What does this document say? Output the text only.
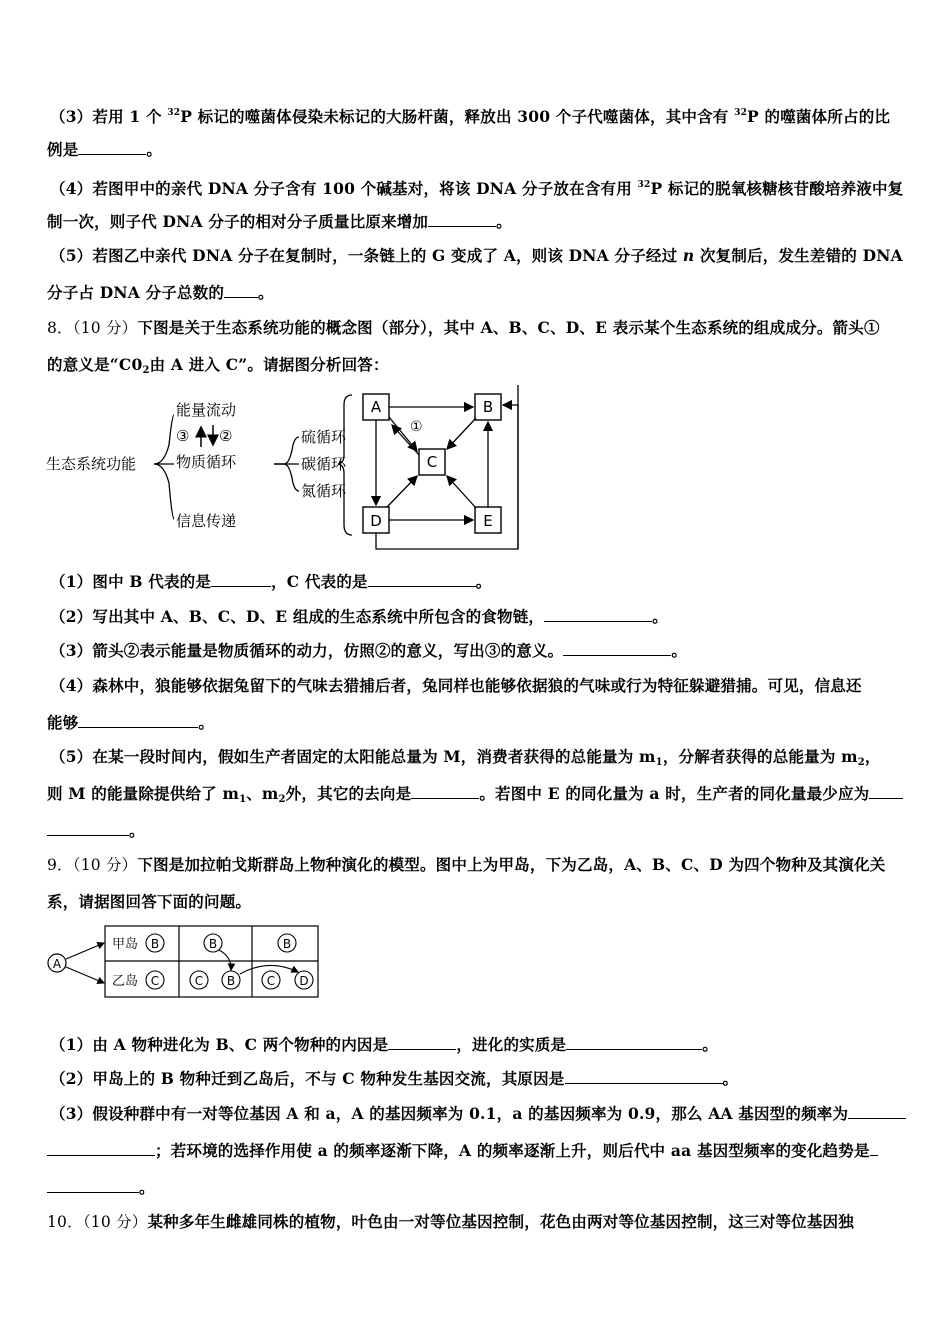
（3）若用 1 个 $^{32}$P 标记的噬菌体侵染未标记的大肠杆菌，释放出 300 个子代噬菌体，其中含有 $^{32}$P 的噬菌体所占的比
例是	。
（4）若图甲中的亲代 DNA 分子含有 100 个碱基对，将该 DNA 分子放在含有用 $^{32}$P 标记的脱氧核糖核苷酸培养液中复
制一次，则子代 DNA 分子的相对分子质量比原来增加	。
（5）若图乙中亲代 DNA 分子在复制时，一条链上的 G 变成了 A，则该 DNA 分子经过 n 次复制后，发生差错的 DNA
分子占 DNA 分子总数的 。
8．（10 分）下图是关于生态系统功能的概念图（部分），其中 A、B、C、D、E 表示某个生态系统的组成成分。箭头①
的意义是“$C0_2$由 A 进入 C”。请据图分析回答：
生态系统功能
能量流动
③ ②
物质循环
信息传递
硫循环
碳循环
氮循环
A	B
C
D	E
①
（1）图中 B 代表的是	，C 代表的是	。
（2）写出其中 A、B、C、D、E 组成的生态系统中所包含的食物链，	。
（3）箭头②表示能量是物质循环的动力，仿照②的意义，写出③的意义。	。
（4）森林中，狼能够依据兔留下的气味去猎捕后者，兔同样也能够依据狼的气味或行为特征躲避猎捕。可见，信息还
能够	。
（5）在某一段时间内，假如生产者固定的太阳能总量为 M，消费者获得的总能量为 $m_1$，分解者获得的总能量为 $m_2$，
则 M 的能量除提供给了 $m_1$、$m_2$外，其它的去向是	。若图中 E 的同化量为 a 时，生产者的同化量最少应为
。
9．（10 分）下图是加拉帕戈斯群岛上物种演化的模型。图中上为甲岛，下为乙岛，A、B、C、D 为四个物种及其演化关
系，请据图回答下面的问题。
A
甲岛 B
乙岛 C
B
C B
B
C D
（1）由 A 物种进化为 B、C 两个物种的内因是	，进化的实质是	。
（2）甲岛上的 B 物种迁到乙岛后，不与 C 物种发生基因交流，其原因是	。
（3）假设种群中有一对等位基因 A 和 a，A 的基因频率为 0.1，a 的基因频率为 0.9，那么 AA 基因型的频率为
；若环境的选择作用使 a 的频率逐渐下降，A 的频率逐渐上升，则后代中 aa 基因型频率的变化趋势是
。
10．（10 分）某种多年生雌雄同株的植物，叶色由一对等位基因控制，花色由两对等位基因控制，这三对等位基因独
